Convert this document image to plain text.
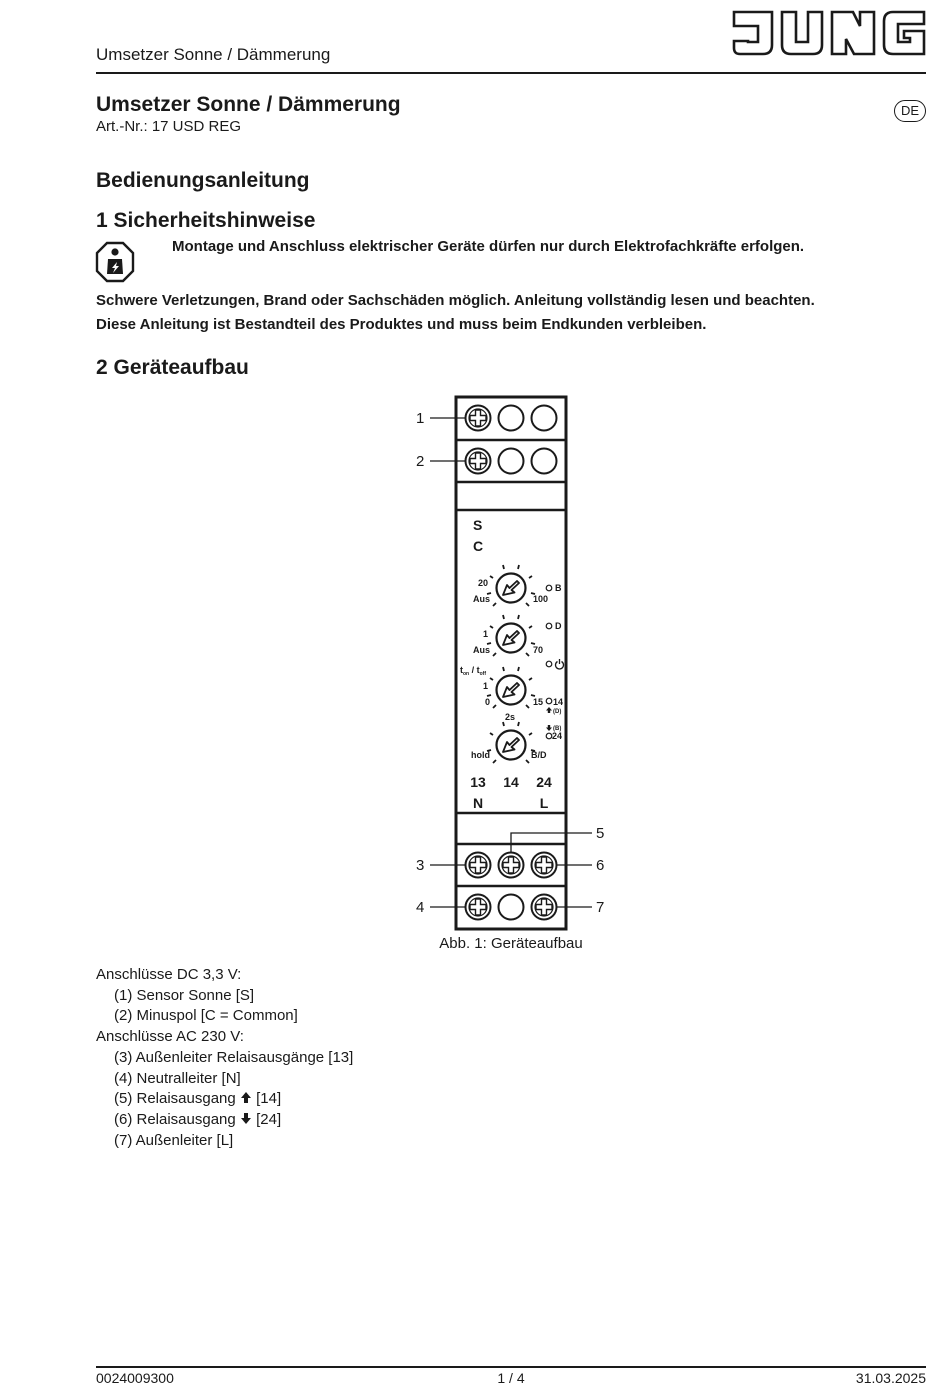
Umsetzer Sonne / Dämmerung
Umsetzer Sonne / Dämmerung
Art.-Nr.: 17 USD REG
DE
Bedienungsanleitung
1 Sicherheitshinweise
Montage und Anschluss elektrischer Geräte dürfen nur durch Elektrofachkräfte erfolgen.
Schwere Verletzungen, Brand oder Sachschäden möglich. Anleitung vollständig lesen und beachten.
Diese Anleitung ist Bestandteil des Produktes und muss beim Endkunden verbleiben.
2 Geräteaufbau
1
2
3
4
5
6
7
S
C
20
Aus	100
B
1
Aus	70
D
$t_{on} / t_{off}$
1
0	15 14
24
(D)
(B)
2s
hold	B/D
13 14 24
N	L
Abb. 1: Geräteaufbau
Anschlüsse DC 3,3 V:
(1) Sensor Sonne [S]
(2) Minuspol [C = Common]
Anschlüsse AC 230 V:
(3) Außenleiter Relaisausgänge [13]
(4) Neutralleiter [N]
(5) Relaisausgang [14]
(6) Relaisausgang [24]
(7) Außenleiter [L]
0024009300	1 / 4	31.03.2025
